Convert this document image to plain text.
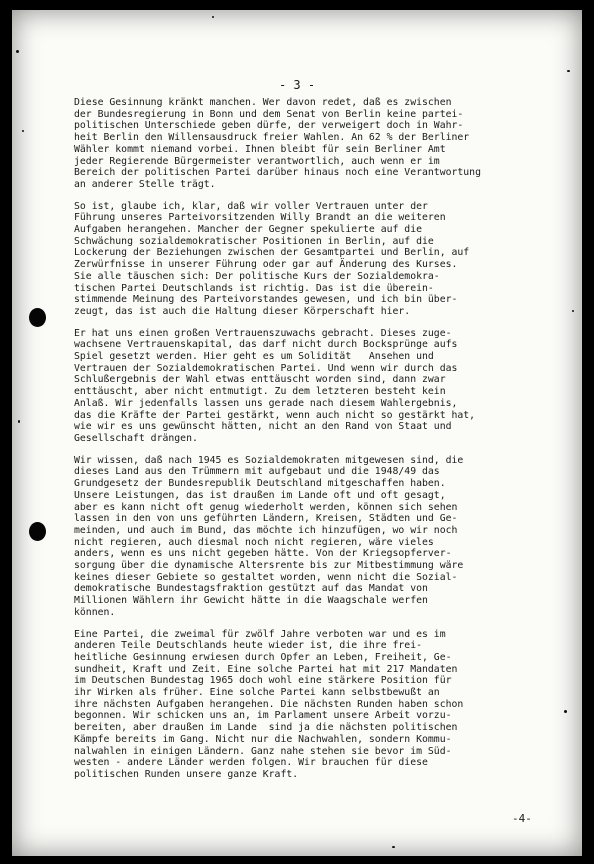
- 3 -

Diese Gesinnung kränkt manchen. Wer davon redet, daß es zwischen
der Bundesregierung in Bonn und dem Senat von Berlin keine partei-
politischen Unterschiede geben dürfe, der verweigert doch in Wahr-
heit Berlin den Willensausdruck freier Wahlen. An 62 % der Berliner
Wähler kommt niemand vorbei. Ihnen bleibt für sein Berliner Amt
jeder Regierende Bürgermeister verantwortlich, auch wenn er im
Bereich der politischen Partei darüber hinaus noch eine Verantwortung
an anderer Stelle trägt.

So ist, glaube ich, klar, daß wir voller Vertrauen unter der
Führung unseres Parteivorsitzenden Willy Brandt an die weiteren
Aufgaben herangehen. Mancher der Gegner spekulierte auf die
Schwächung sozialdemokratischer Positionen in Berlin, auf die
Lockerung der Beziehungen zwischen der Gesamtpartei und Berlin, auf
Zerwürfnisse in unserer Führung oder gar auf Änderung des Kurses.
Sie alle täuschen sich: Der politische Kurs der Sozialdemokra-
tischen Partei Deutschlands ist richtig. Das ist die überein-
stimmende Meinung des Parteivorstandes gewesen, und ich bin über-
zeugt, das ist auch die Haltung dieser Körperschaft hier.

Er hat uns einen großen Vertrauenszuwachs gebracht. Dieses zuge-
wachsene Vertrauenskapital, das darf nicht durch Bocksprünge aufs
Spiel gesetzt werden. Hier geht es um Solidität   Ansehen und
Vertrauen der Sozialdemokratischen Partei. Und wenn wir durch das
Schlußergebnis der Wahl etwas enttäuscht worden sind, dann zwar
enttäuscht, aber nicht entmutigt. Zu dem letzteren besteht kein
Anlaß. Wir jedenfalls lassen uns gerade nach diesem Wahlergebnis,
das die Kräfte der Partei gestärkt, wenn auch nicht so gestärkt hat,
wie wir es uns gewünscht hätten, nicht an den Rand von Staat und
Gesellschaft drängen.

Wir wissen, daß nach 1945 es Sozialdemokraten mitgewesen sind, die
dieses Land aus den Trümmern mit aufgebaut und die 1948/49 das
Grundgesetz der Bundesrepublik Deutschland mitgeschaffen haben.
Unsere Leistungen, das ist draußen im Lande oft und oft gesagt,
aber es kann nicht oft genug wiederholt werden, können sich sehen
lassen in den von uns geführten Ländern, Kreisen, Städten und Ge-
meinden, und auch im Bund, das möchte ich hinzufügen, wo wir noch
nicht regieren, auch diesmal noch nicht regieren, wäre vieles
anders, wenn es uns nicht gegeben hätte. Von der Kriegsopferver-
sorgung über die dynamische Altersrente bis zur Mitbestimmung wäre
keines dieser Gebiete so gestaltet worden, wenn nicht die Sozial-
demokratische Bundestagsfraktion gestützt auf das Mandat von
Millionen Wählern ihr Gewicht hätte in die Waagschale werfen
können.

Eine Partei, die zweimal für zwölf Jahre verboten war und es im
anderen Teile Deutschlands heute wieder ist, die ihre frei-
heitliche Gesinnung erwiesen durch Opfer an Leben, Freiheit, Ge-
sundheit, Kraft und Zeit. Eine solche Partei hat mit 217 Mandaten
im Deutschen Bundestag 1965 doch wohl eine stärkere Position für
ihr Wirken als früher. Eine solche Partei kann selbstbewußt an
ihre nächsten Aufgaben herangehen. Die nächsten Runden haben schon
begonnen. Wir schicken uns an, im Parlament unsere Arbeit vorzu-
bereiten, aber draußen im Lande  sind ja die nächsten politischen
Kämpfe bereits im Gang. Nicht nur die Nachwahlen, sondern Kommu-
nalwahlen in einigen Ländern. Ganz nahe stehen sie bevor im Süd-
westen - andere Länder werden folgen. Wir brauchen für diese
politischen Runden unsere ganze Kraft.

-4-
